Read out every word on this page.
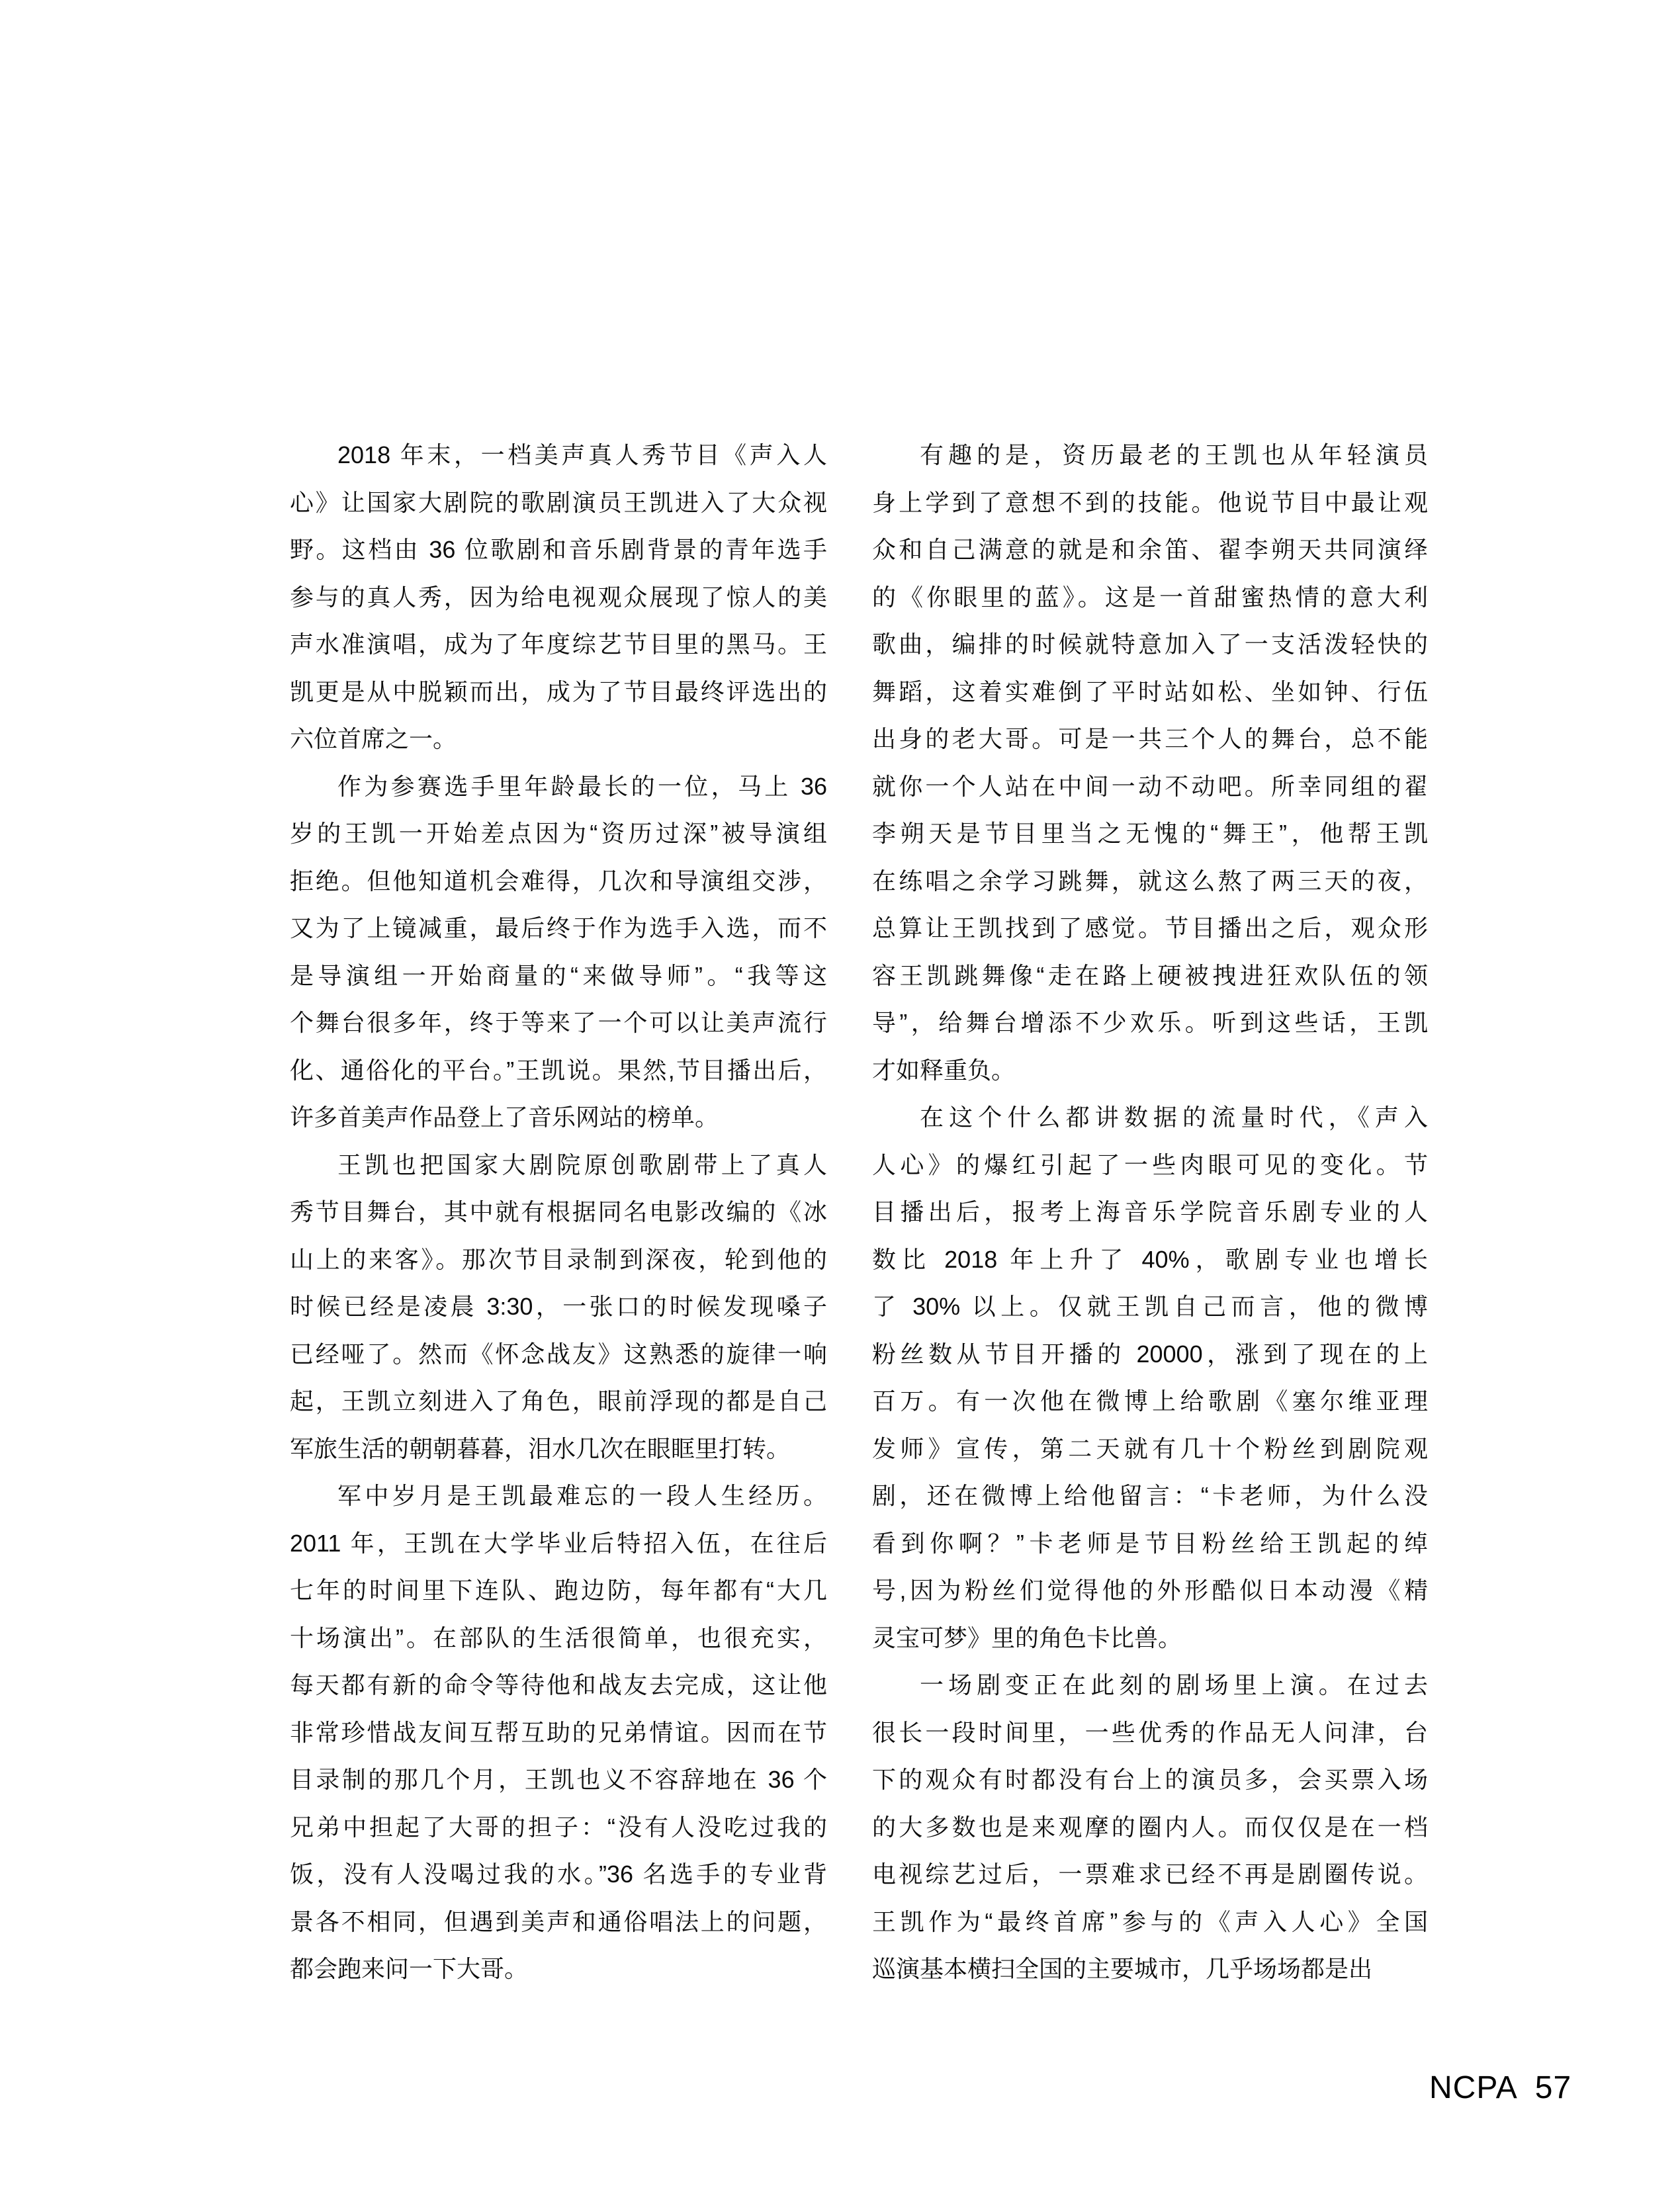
2018 年末，一档美声真人秀节目《声入人
心》让国家大剧院的歌剧演员王凯进入了大众视
野。这档由 36 位歌剧和音乐剧背景的青年选手
参与的真人秀，因为给电视观众展现了惊人的美
声水准演唱，成为了年度综艺节目里的黑马。王
凯更是从中脱颖而出，成为了节目最终评选出的
六位首席之一。
作为参赛选手里年龄最长的一位，马上 36
岁的王凯一开始差点因为“资历过深”被导演组
拒绝。但他知道机会难得，几次和导演组交涉，
又为了上镜减重，最后终于作为选手入选，而不
是导演组一开始商量的“来做导师”。“我等这
个舞台很多年，终于等来了一个可以让美声流行
化、通俗化的平台。”王凯说。果然,节目播出后，
许多首美声作品登上了音乐网站的榜单。
王凯也把国家大剧院原创歌剧带上了真人
秀节目舞台，其中就有根据同名电影改编的《冰
山上的来客》。那次节目录制到深夜，轮到他的
时候已经是凌晨 3:30，一张口的时候发现嗓子
已经哑了。然而《怀念战友》这熟悉的旋律一响
起，王凯立刻进入了角色，眼前浮现的都是自己
军旅生活的朝朝暮暮，泪水几次在眼眶里打转。
军中岁月是王凯最难忘的一段人生经历。
2011 年，王凯在大学毕业后特招入伍，在往后
七年的时间里下连队、跑边防，每年都有“大几
十场演出”。在部队的生活很简单，也很充实，
每天都有新的命令等待他和战友去完成，这让他
非常珍惜战友间互帮互助的兄弟情谊。因而在节
目录制的那几个月，王凯也义不容辞地在 36 个
兄弟中担起了大哥的担子：“没有人没吃过我的
饭，没有人没喝过我的水。”36 名选手的专业背
景各不相同，但遇到美声和通俗唱法上的问题，
都会跑来问一下大哥。
有趣的是，资历最老的王凯也从年轻演员
身上学到了意想不到的技能。他说节目中最让观
众和自己满意的就是和余笛、翟李朔天共同演绎
的《你眼里的蓝》。这是一首甜蜜热情的意大利
歌曲，编排的时候就特意加入了一支活泼轻快的
舞蹈，这着实难倒了平时站如松、坐如钟、行伍
出身的老大哥。可是一共三个人的舞台，总不能
就你一个人站在中间一动不动吧。所幸同组的翟
李朔天是节目里当之无愧的“舞王”，他帮王凯
在练唱之余学习跳舞，就这么熬了两三天的夜，
总算让王凯找到了感觉。节目播出之后，观众形
容王凯跳舞像“走在路上硬被拽进狂欢队伍的领
导”，给舞台增添不少欢乐。听到这些话，王凯
才如释重负。
在这个什么都讲数据的流量时代，《声入
人心》的爆红引起了一些肉眼可见的变化。节
目播出后，报考上海音乐学院音乐剧专业的人
数比 2018 年上升了 40%，歌剧专业也增长
了 30% 以上。仅就王凯自己而言，他的微博
粉丝数从节目开播的 20000，涨到了现在的上
百万。有一次他在微博上给歌剧《塞尔维亚理
发师》宣传，第二天就有几十个粉丝到剧院观
剧，还在微博上给他留言：“卡老师，为什么没
看到你啊？”卡老师是节目粉丝给王凯起的绰
号,因为粉丝们觉得他的外形酷似日本动漫《精
灵宝可梦》里的角色卡比兽。
一场剧变正在此刻的剧场里上演。在过去
很长一段时间里，一些优秀的作品无人问津，台
下的观众有时都没有台上的演员多，会买票入场
的大多数也是来观摩的圈内人。而仅仅是在一档
电视综艺过后，一票难求已经不再是剧圈传说。
王凯作为“最终首席”参与的《声入人心》全国
巡演基本横扫全国的主要城市，几乎场场都是出
NCPA 57
